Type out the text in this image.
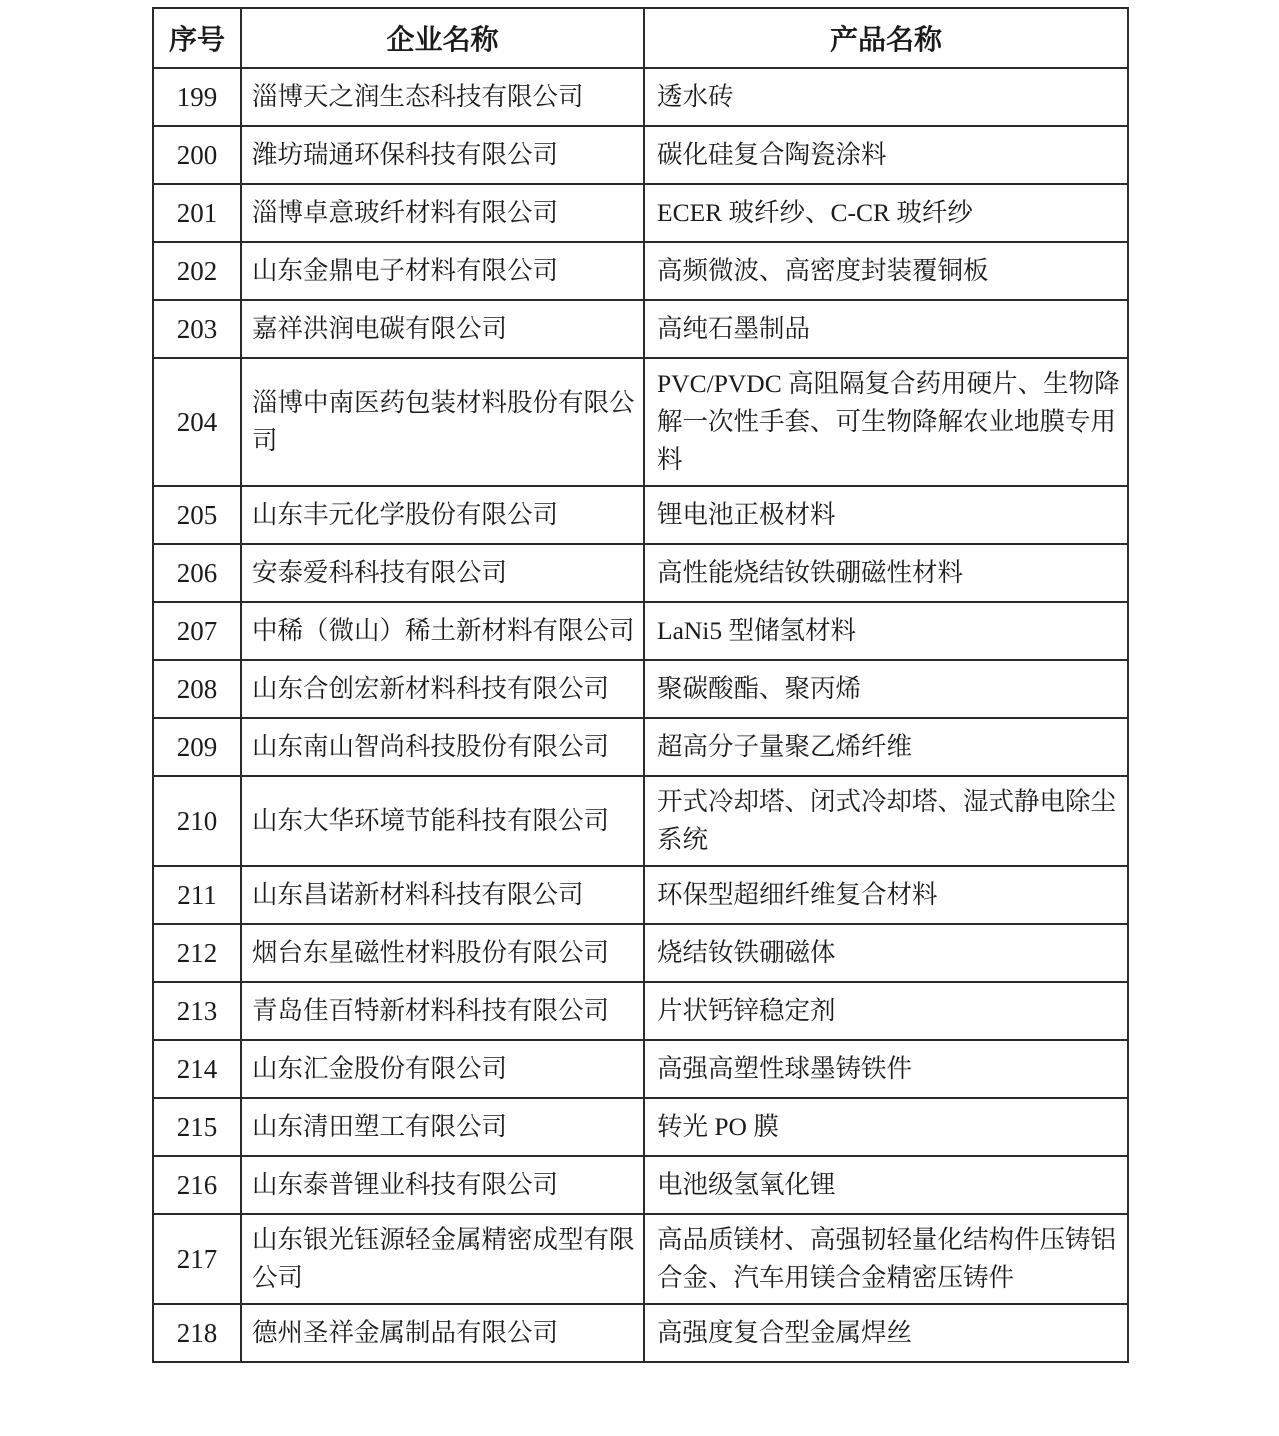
序号	企业名称	产品名称
199	淄博天之润生态科技有限公司	透水砖
200	潍坊瑞通环保科技有限公司	碳化硅复合陶瓷涂料
201	淄博卓意玻纤材料有限公司	ECER 玻纤纱、C-CR 玻纤纱
202	山东金鼎电子材料有限公司	高频微波、高密度封装覆铜板
203	嘉祥洪润电碳有限公司	高纯石墨制品
204	淄博中南医药包装材料股份有限公司	PVC/PVDC 高阻隔复合药用硬片、生物降解一次性手套、可生物降解农业地膜专用料
205	山东丰元化学股份有限公司	锂电池正极材料
206	安泰爱科科技有限公司	高性能烧结钕铁硼磁性材料
207	中稀（微山）稀土新材料有限公司	LaNi5 型储氢材料
208	山东合创宏新材料科技有限公司	聚碳酸酯、聚丙烯
209	山东南山智尚科技股份有限公司	超高分子量聚乙烯纤维
210	山东大华环境节能科技有限公司	开式冷却塔、闭式冷却塔、湿式静电除尘系统
211	山东昌诺新材料科技有限公司	环保型超细纤维复合材料
212	烟台东星磁性材料股份有限公司	烧结钕铁硼磁体
213	青岛佳百特新材料科技有限公司	片状钙锌稳定剂
214	山东汇金股份有限公司	高强高塑性球墨铸铁件
215	山东清田塑工有限公司	转光 PO 膜
216	山东泰普锂业科技有限公司	电池级氢氧化锂
217	山东银光钰源轻金属精密成型有限公司	高品质镁材、高强韧轻量化结构件压铸铝合金、汽车用镁合金精密压铸件
218	德州圣祥金属制品有限公司	高强度复合型金属焊丝
